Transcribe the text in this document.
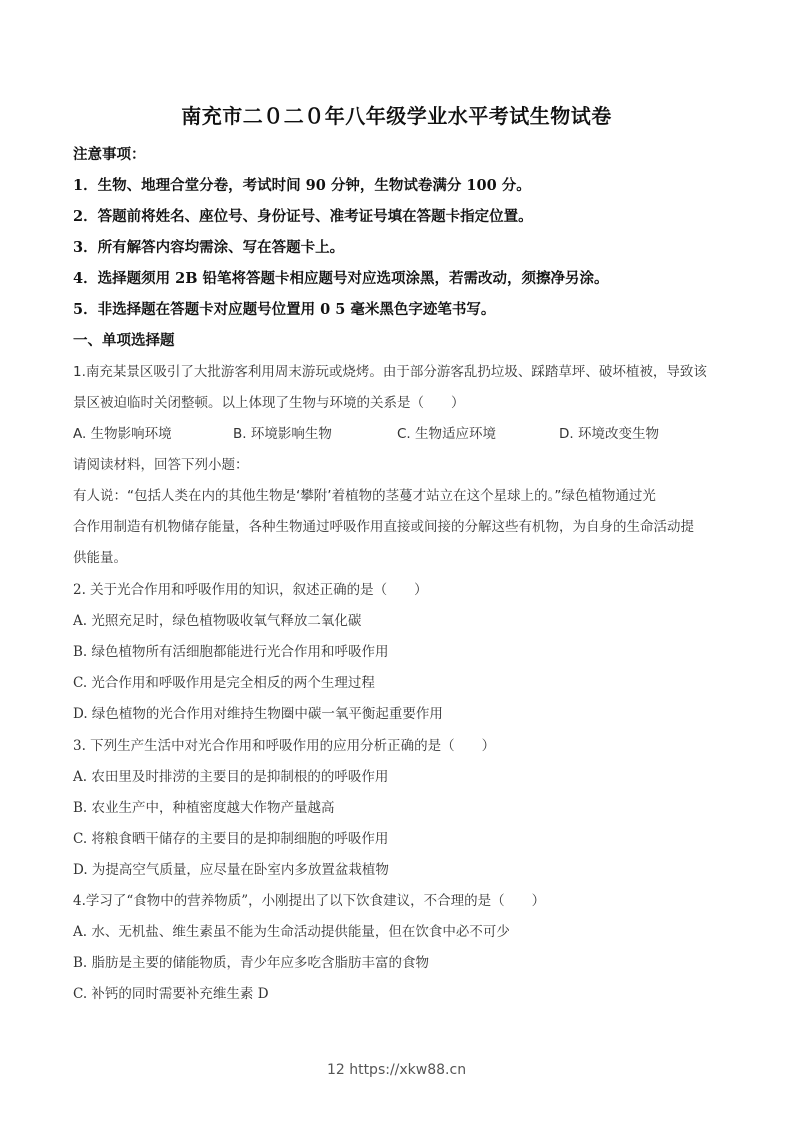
南充市二０二０年八年级学业水平考试生物试卷
注意事项：
1．生物、地理合堂分卷，考试时间 90 分钟，生物试卷满分 100 分。
2．答题前将姓名、座位号、身份证号、准考证号填在答题卡指定位置。
3．所有解答内容均需涂、写在答题卡上。
4．选择题须用 2B 铅笔将答题卡相应题号对应选项涂黑，若需改动，须擦净另涂。
5．非选择题在答题卡对应题号位置用 0 5 毫米黑色字迹笔书写。
一、单项选择题
1.南充某景区吸引了大批游客利用周末游玩或烧烤。由于部分游客乱扔垃圾、踩踏草坪、破坏植被，导致该
景区被迫临时关闭整顿。以上体现了生物与环境的关系是（　　）
A. 生物影响环境	B. 环境影响生物	C. 生物适应环境	D. 环境改变生物
请阅读材料，回答下列小题：
有人说：“包括人类在内的其他生物是‘攀附’着植物的茎蔓才站立在这个星球上的。”绿色植物通过光
合作用制造有机物储存能量，各种生物通过呼吸作用直接或间接的分解这些有机物，为自身的生命活动提
供能量。
2. 关于光合作用和呼吸作用的知识，叙述正确的是（　　）
A. 光照充足时，绿色植物吸收氧气释放二氧化碳
B. 绿色植物所有活细胞都能进行光合作用和呼吸作用
C. 光合作用和呼吸作用是完全相反的两个生理过程
D. 绿色植物的光合作用对维持生物圈中碳一氧平衡起重要作用
3. 下列生产生活中对光合作用和呼吸作用的应用分析正确的是（　　）
A. 农田里及时排涝的主要目的是抑制根的的呼吸作用
B. 农业生产中，种植密度越大作物产量越高
C. 将粮食晒干储存的主要目的是抑制细胞的呼吸作用
D. 为提高空气质量，应尽量在卧室内多放置盆栽植物
4.学习了“食物中的营养物质”，小刚提出了以下饮食建议，不合理的是（　　）
A. 水、无机盐、维生素虽不能为生命活动提供能量，但在饮食中必不可少
B. 脂肪是主要的储能物质，青少年应多吃含脂肪丰富的食物
C. 补钙的同时需要补充维生素 D
12 https://xkw88.cn
